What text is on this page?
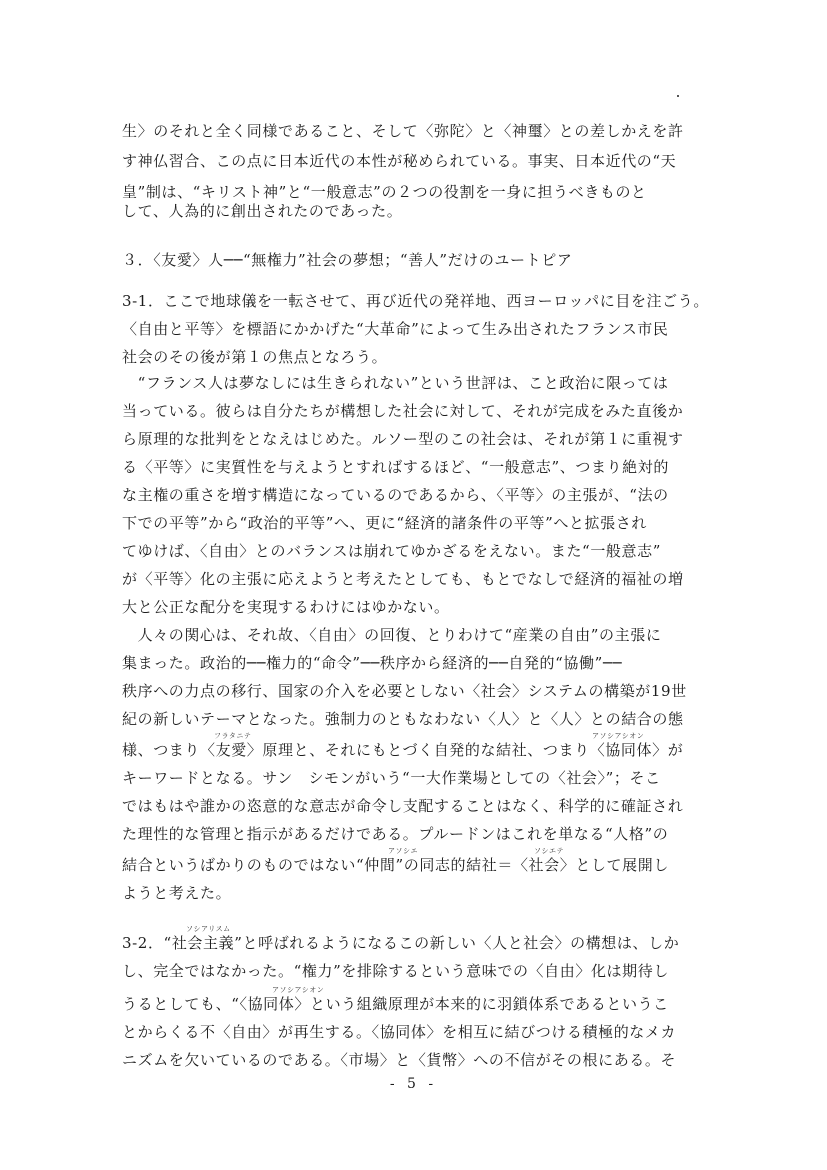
生〉のそれと全く同様であること、そして〈弥陀〉と〈神璽〉との差しかえを許
す神仏習合、この点に日本近代の本性が秘められている。事実、日本近代の“天
皇”制は、“キリスト神”と“一般意志”の２つの役割を一身に担うべきものと
して、人為的に創出されたのであった。
３．〈友愛〉人──“無権力”社会の夢想；“善人”だけのユートピア
3-1．ここで地球儀を一転させて、再び近代の発祥地、西ヨーロッパに目を注ごう。
〈自由と平等〉を標語にかかげた“大革命”によって生み出されたフランス市民
社会のその後が第１の焦点となろう。
　“フランス人は夢なしには生きられない”という世評は、こと政治に限っては
当っている。彼らは自分たちが構想した社会に対して、それが完成をみた直後か
ら原理的な批判をとなえはじめた。ルソー型のこの社会は、それが第１に重視す
る〈平等〉に実質性を与えようとすればするほど、“一般意志”、つまり絶対的
な主権の重さを増す構造になっているのであるから、〈平等〉の主張が、“法の
下での平等”から“政治的平等”へ、更に“経済的諸条件の平等”へと拡張され
てゆけば、〈自由〉とのバランスは崩れてゆかざるをえない。また“一般意志”
が〈平等〉化の主張に応えようと考えたとしても、もとでなしで経済的福祉の増
大と公正な配分を実現するわけにはゆかない。
　人々の関心は、それ故、〈自由〉の回復、とりわけて“産業の自由”の主張に
集まった。政治的──権力的“命令”──秩序から経済的──自発的“協働”──
秩序への力点の移行、国家の介入を必要としない〈社会〉システムの構築が19世
紀の新しいテーマとなった。強制力のともなわない〈人〉と〈人〉との結合の態
フラタニテ	アソシアシオン
様、つまり〈友愛〉原理と、それにもとづく自発的な結社、つまり〈協同体〉が
キーワードとなる。サン　シモンがいう“一大作業場としての〈社会〉”；そこ
ではもはや誰かの恣意的な意志が命令し支配することはなく、科学的に確証され
た理性的な管理と指示があるだけである。プルードンはこれを単なる“人格”の
アソシエ	ソシエテ
結合というばかりのものではない“仲間”の同志的結社＝〈社会〉として展開し
ようと考えた。
ソシアリスム
3-2．“社会主義”と呼ばれるようになるこの新しい〈人と社会〉の構想は、しか
し、完全ではなかった。“権力”を排除するという意味での〈自由〉化は期待し
アソシアシオン
うるとしても、“〈協同体〉という組織原理が本来的に羽鎖体系であるというこ
とからくる不〈自由〉が再生する。〈協同体〉を相互に結びつける積極的なメカ
ニズムを欠いているのである。〈市場〉と〈貨幣〉への不信がその根にある。そ
- 5 -
